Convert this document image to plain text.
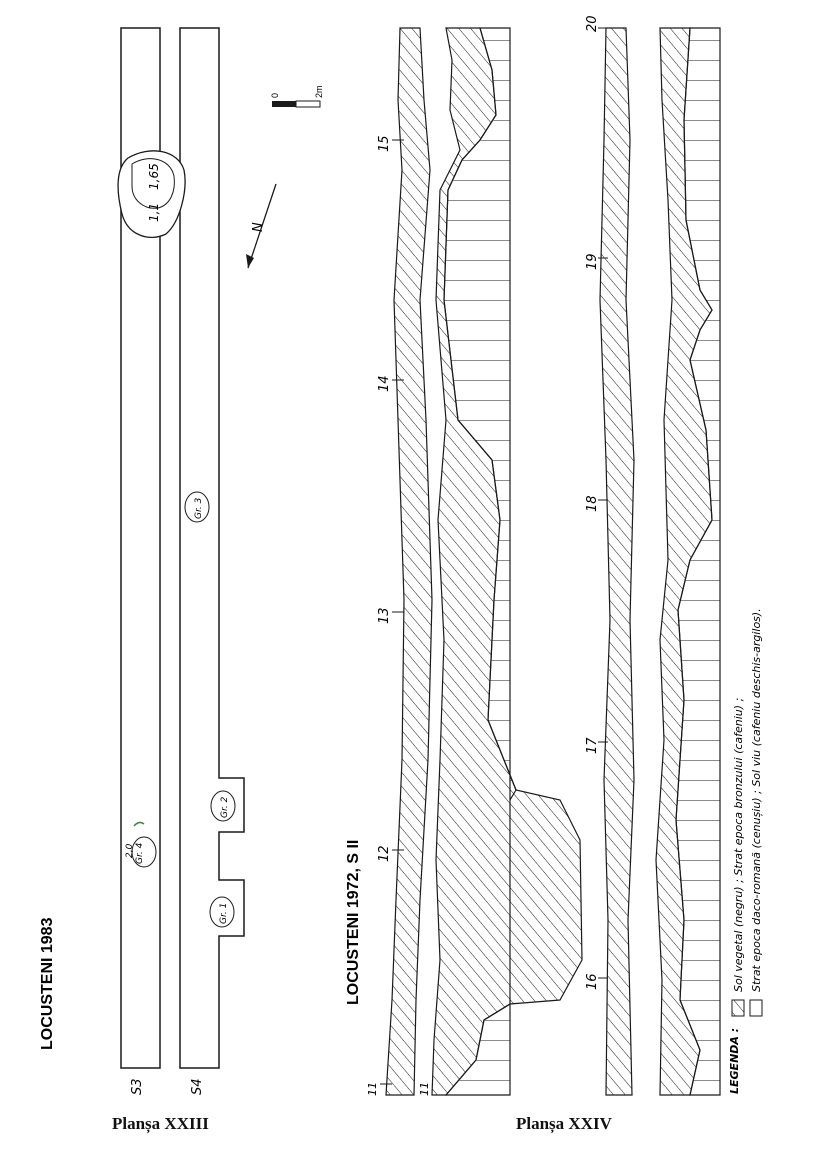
LOCUSTENI 1983
S3	S4
1,65
1,1
Gr. 4
2,0
Gr. 2
Gr. 1
Gr. 3
0	2m
N
LOCUSTENI 1972, S II
15
14
13
12
11	11
20
19
18
17
16
LEGENDA :
Sol vegetal (negru) ; Strat epoca bronzului (cafeniu) ; Strat epoca daco-romană (cenușiu) ; Sol viu (cafeniu deschis-argilos).
Planșa XXIII	Planșa XXIV
